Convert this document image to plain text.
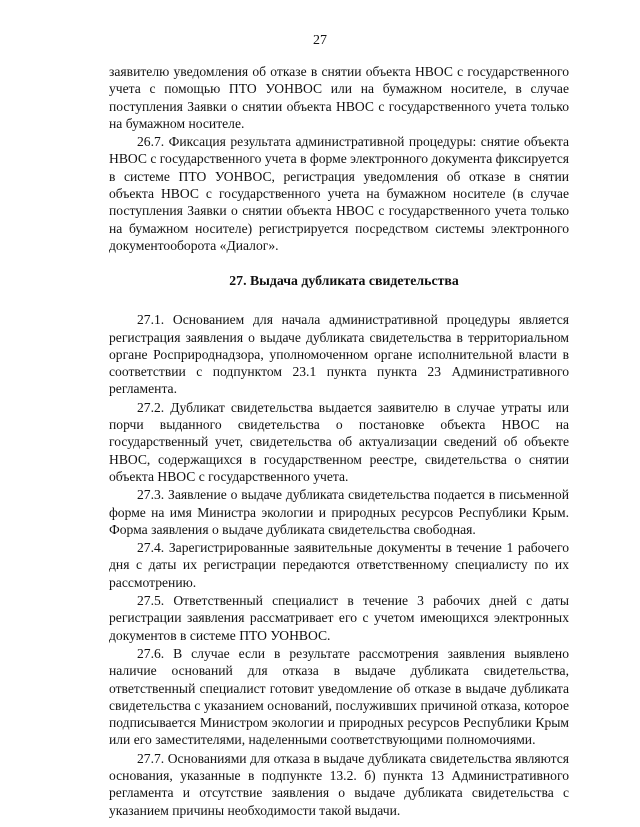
27

заявителю уведомления об отказе в снятии объекта НВОС с государственного учета с помощью ПТО УОНВОС или на бумажном носителе, в случае поступления Заявки о снятии объекта НВОС с государственного учета только на бумажном носителе.

26.7. Фиксация результата административной процедуры: снятие объекта НВОС с государственного учета в форме электронного документа фиксируется в системе ПТО УОНВОС, регистрация уведомления об отказе в снятии объекта НВОС с государственного учета на бумажном носителе (в случае поступления Заявки о снятии объекта НВОС с государственного учета только на бумажном носителе) регистрируется посредством системы электронного документооборота «Диалог».

27. Выдача дубликата свидетельства

27.1. Основанием для начала административной процедуры является регистрация заявления о выдаче дубликата свидетельства в территориальном органе Росприроднадзора, уполномоченном органе исполнительной власти в соответствии с подпунктом 23.1 пункта пункта 23 Административного регламента.

27.2. Дубликат свидетельства выдается заявителю в случае утраты или порчи выданного свидетельства о постановке объекта НВОС на государственный учет, свидетельства об актуализации сведений об объекте НВОС, содержащихся в государственном реестре, свидетельства о снятии объекта НВОС с государственного учета.

27.3. Заявление о выдаче дубликата свидетельства подается в письменной форме на имя Министра экологии и природных ресурсов Республики Крым. Форма заявления о выдаче дубликата свидетельства свободная.

27.4. Зарегистрированные заявительные документы в течение 1 рабочего дня с даты их регистрации передаются ответственному специалисту по их рассмотрению.

27.5. Ответственный специалист в течение 3 рабочих дней с даты регистрации заявления рассматривает его с учетом имеющихся электронных документов в системе ПТО УОНВОС.

27.6. В случае если в результате рассмотрения заявления выявлено наличие оснований для отказа в выдаче дубликата свидетельства, ответственный специалист готовит уведомление об отказе в выдаче дубликата свидетельства с указанием оснований, послуживших причиной отказа, которое подписывается Министром экологии и природных ресурсов Республики Крым или его заместителями, наделенными соответствующими полномочиями.

27.7. Основаниями для отказа в выдаче дубликата свидетельства являются основания, указанные в подпункте 13.2. б) пункта 13 Административного регламента и отсутствие заявления о выдаче дубликата свидетельства с указанием причины необходимости такой выдачи.
